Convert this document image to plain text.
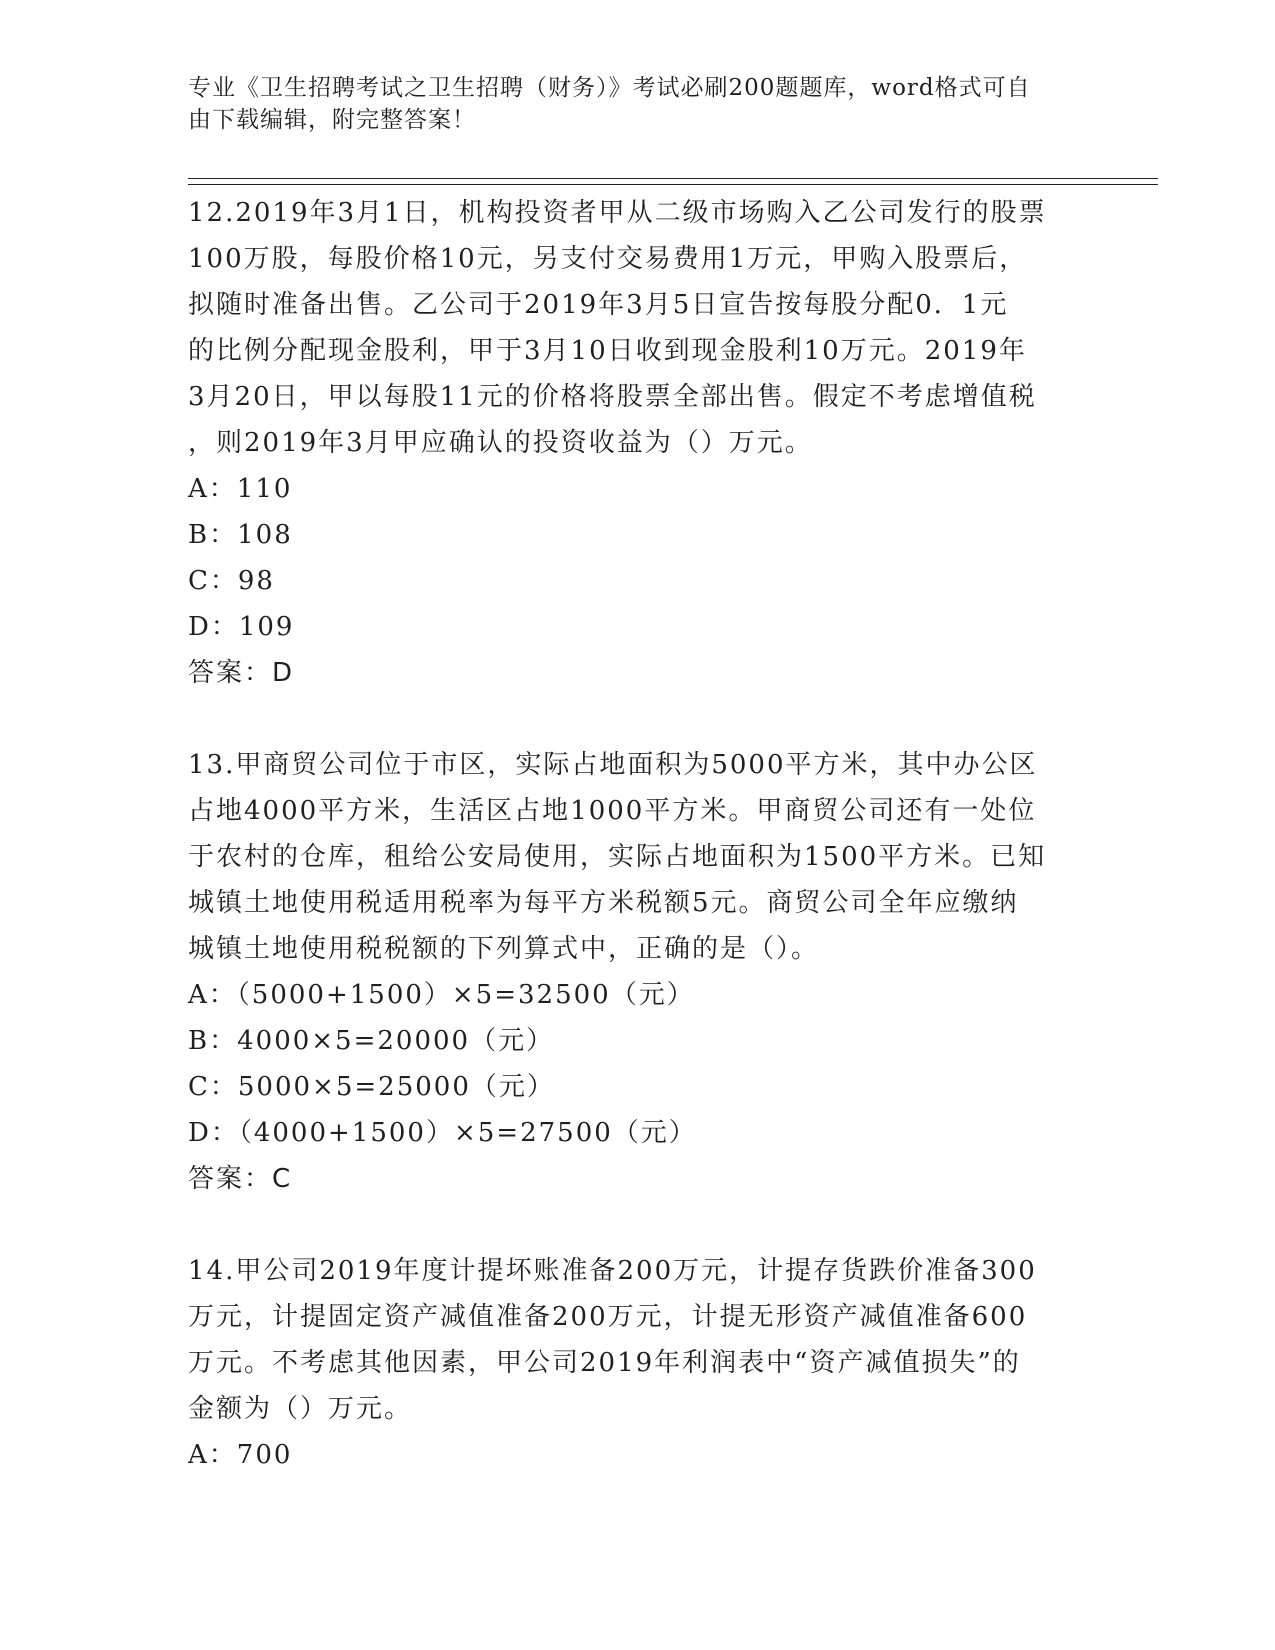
专业《卫生招聘考试之卫生招聘（财务）》考试必刷200题题库，word格式可自
由下载编辑，附完整答案！

12.2019年3月1日，机构投资者甲从二级市场购入乙公司发行的股票

100万股，每股价格10元，另支付交易费用1万元，甲购入股票后，

拟随时准备出售。乙公司于2019年3月5日宣告按每股分配0．1元

的比例分配现金股利，甲于3月10日收到现金股利10万元。2019年

3月20日，甲以每股11元的价格将股票全部出售。假定不考虑增值税

，则2019年3月甲应确认的投资收益为（）万元。

A：110

B：108

C：98

D：109

答案：D

13.甲商贸公司位于市区，实际占地面积为5000平方米，其中办公区

占地4000平方米，生活区占地1000平方米。甲商贸公司还有一处位

于农村的仓库，租给公安局使用，实际占地面积为1500平方米。已知

城镇土地使用税适用税率为每平方米税额5元。商贸公司全年应缴纳

城镇土地使用税税额的下列算式中，正确的是（）。

A：（5000+1500）×5=32500（元）

B：4000×5=20000（元）

C：5000×5=25000（元）

D：（4000+1500）×5=27500（元）

答案：C

14.甲公司2019年度计提坏账准备200万元，计提存货跌价准备300

万元，计提固定资产减值准备200万元，计提无形资产减值准备600

万元。不考虑其他因素，甲公司2019年利润表中“资产减值损失”的

金额为（）万元。

A：700
